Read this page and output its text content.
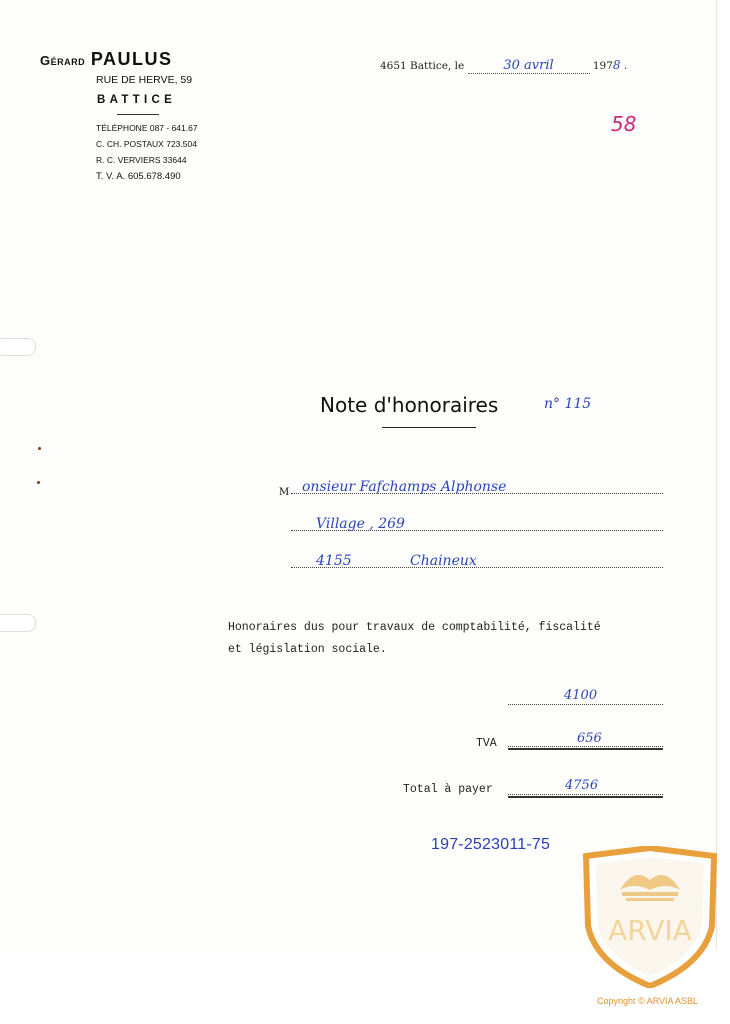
Gérard PAULUS
RUE DE HERVE, 59
BATTICE
TÉLÉPHONE 087 - 641.67
C. CH. POSTAUX 723.504
R. C. VERVIERS 33644
T. V. A. 605.678.490
4651 Battice, le	30 avril	1978 .
58
Note d'honoraires	n° 115
M onsieur Fafchamps Alphonse
Village , 269
4155	Chaineux
Honoraires dus pour travaux de comptabilité, fiscalité
et législation sociale.
4100
TVA	656
Total à payer	4756
197-2523011-75
ARVIA
Copyright © ARVIA ASBL
